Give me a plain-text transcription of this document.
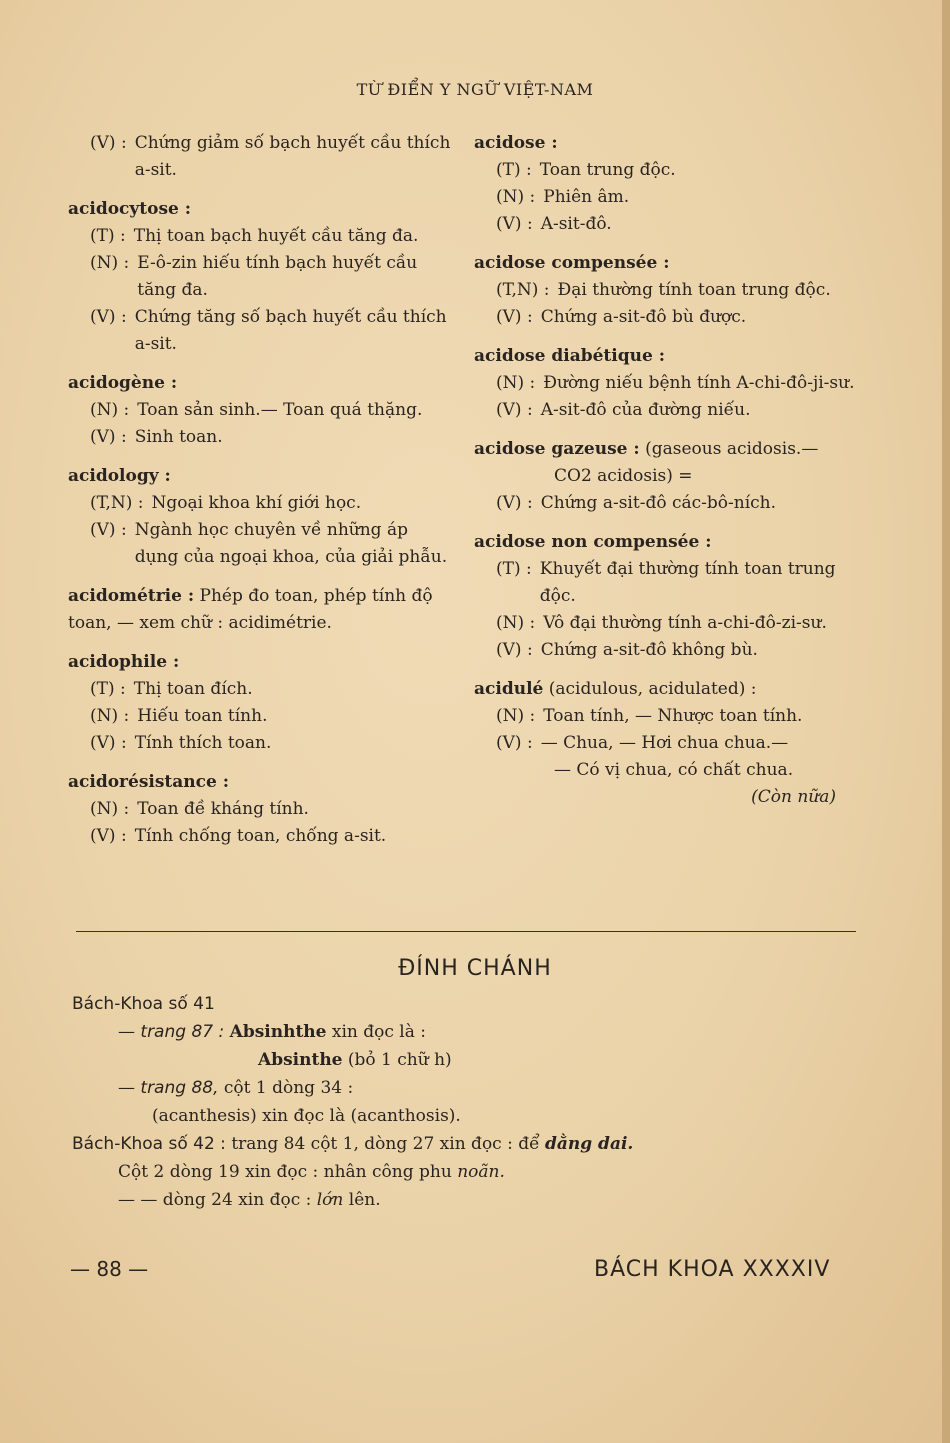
TỪ ĐIỂN Y NGỮ VIỆT-NAM
(V) : Chứng giảm số bạch huyết cầu thích a-sit.
acidocytose :
(T) : Thị toan bạch huyết cầu tăng đa.
(N) : E-ô-zin hiếu tính bạch huyết cầu tăng đa.
(V) : Chứng tăng số bạch huyết cầu thích a-sit.
acidogène :
(N) : Toan sản sinh.— Toan quá thặng.
(V) : Sinh toan.
acidology :
(T,N) : Ngoại khoa khí giới học.
(V) : Ngành học chuyên về những áp dụng của ngoại khoa, của giải phẫu.
acidométrie : Phép đo toan, phép tính độ toan, — xem chữ : acidimétrie.
acidophile :
(T) : Thị toan đích.
(N) : Hiếu toan tính.
(V) : Tính thích toan.
acidorésistance :
(N) : Toan đề kháng tính.
(V) : Tính chống toan, chống a-sit.
acidose :
(T) : Toan trung độc.
(N) : Phiên âm.
(V) : A-sit-đô.
acidose compensée :
(T,N) : Đại thường tính toan trung độc.
(V) : Chứng a-sit-đô bù được.
acidose diabétique :
(N) : Đường niếu bệnh tính A-chi-đô-ji-sư.
(V) : A-sit-đô của đường niếu.
acidose gazeuse : (gaseous acidosis.—
CO2 acidosis) =
(V) : Chứng a-sit-đô các-bô-ních.
acidose non compensée :
(T) : Khuyết đại thường tính toan trung độc.
(N) : Vô đại thường tính a-chi-đô-zi-sư.
(V) : Chứng a-sit-đô không bù.
acidulé (acidulous, acidulated) :
(N) : Toan tính, — Nhược toan tính.
(V) : — Chua, — Hơi chua chua.—
— Có vị chua, có chất chua.
(Còn nữa)
ĐÍNH CHÁNH
Bách-Khoa số 41
— trang 87 : Absinhthe xin đọc là :
Absinthe (bỏ 1 chữ h)
— trang 88, cột 1 dòng 34 :
(acanthesis) xin đọc là (acanthosis).
Bách-Khoa số 42 : trang 84 cột 1, dòng 27 xin đọc : để dằng dai.
Cột 2 dòng 19 xin đọc : nhân công phu noãn.
— — dòng 24 xin đọc : lớn lên.
— 88 —	BÁCH KHOA XXXXIV
